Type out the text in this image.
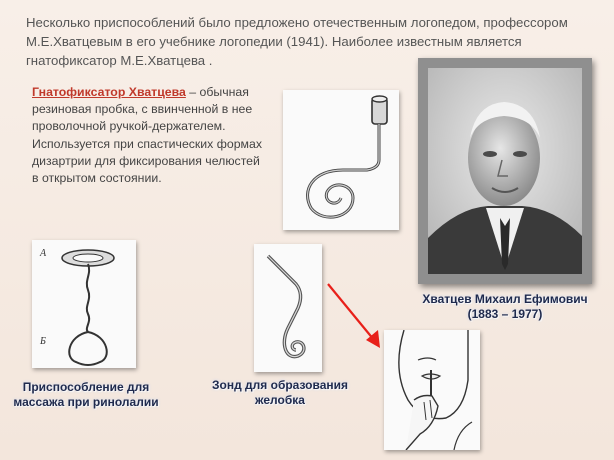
Несколько приспособлений было предложено отечественным логопедом, профессором М.Е.Хватцевым в его учебнике логопедии (1941). Наиболее известным является гнатофиксатор М.Е.Хватцева .
Гнатофиксатор Хватцева – обычная резиновая пробка, с ввинченной в нее проволочной ручкой-держателем. Используется при спастических формах дизартрии для фиксирования челюстей в открытом состоянии.
Хватцев Михаил Ефимович
(1883 – 1977)
А
Б
Приспособление для массажа при ринолалии
Зонд для образования желобка
